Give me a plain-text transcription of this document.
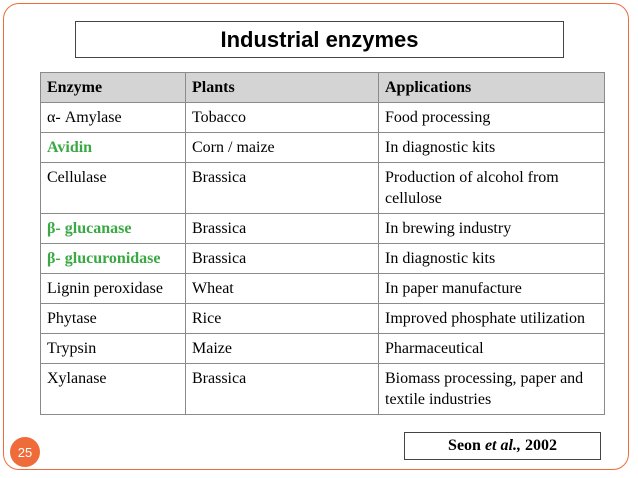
Industrial enzymes
Enzyme	Plants	Applications
α- Amylase	Tobacco	Food processing
Avidin	Corn / maize	In diagnostic kits
Cellulase	Brassica	Production of alcohol from cellulose
β- glucanase	Brassica	In brewing industry
β- glucuronidase	Brassica	In diagnostic kits
Lignin peroxidase	Wheat	In paper manufacture
Phytase	Rice	Improved phosphate utilization
Trypsin	Maize	Pharmaceutical
Xylanase	Brassica	Biomass processing, paper and textile industries
Seon
et al.,
2002
25
